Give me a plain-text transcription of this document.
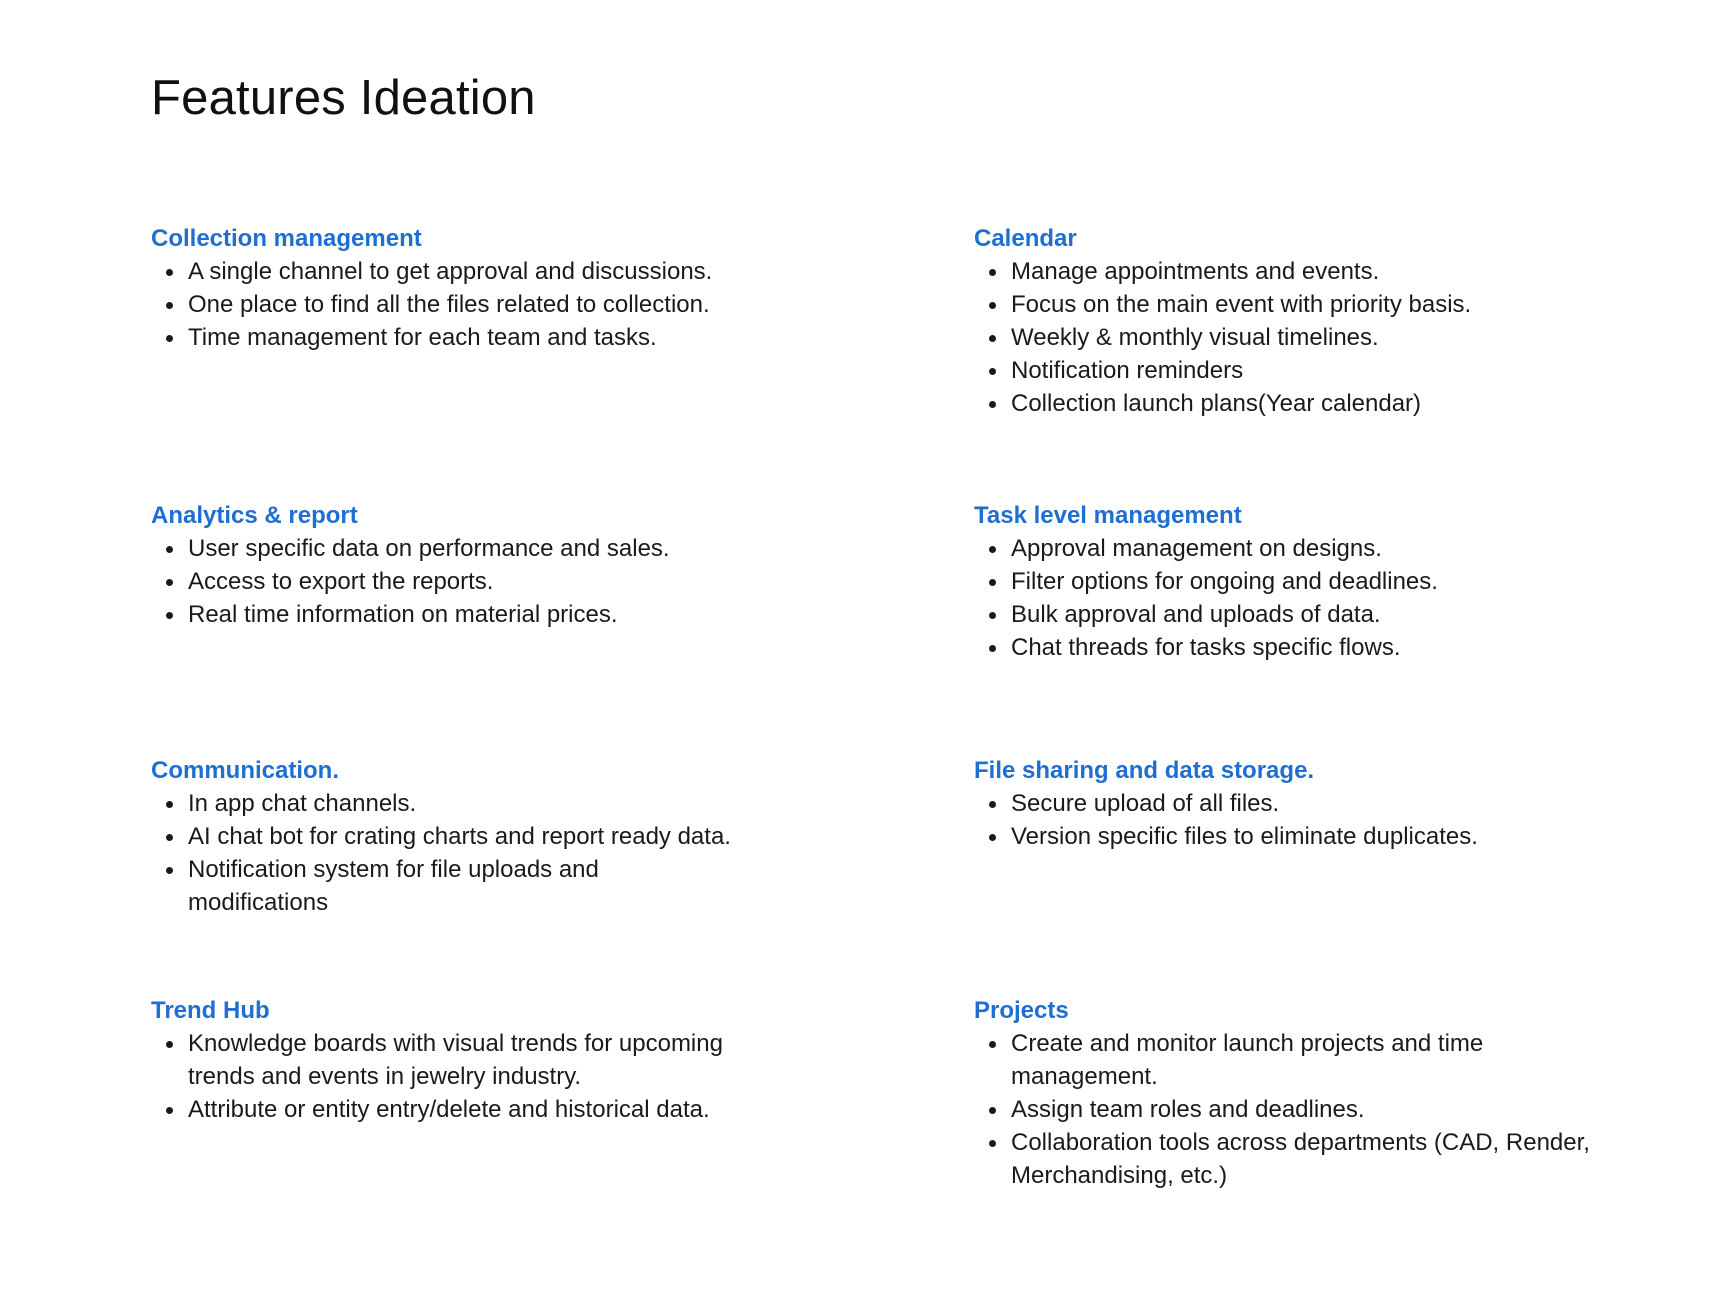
Features Ideation
Collection management
A single channel to get approval and discussions.
One place to find all the files related to collection.
Time management for each team and tasks.
Calendar
Manage appointments and events.
Focus on the main event with priority basis.
Weekly & monthly visual timelines.
Notification reminders
Collection launch plans(Year calendar)
Analytics & report
User specific data on performance and sales.
Access to export the reports.
Real time information on material prices.
Task level management
Approval management on designs.
Filter options for ongoing and deadlines.
Bulk approval and uploads of data.
Chat threads for tasks specific flows.
Communication.
In app chat channels.
AI chat bot for crating charts and report ready data.
Notification system for file uploads and modifications
File sharing and data storage.
Secure upload of all files.
Version specific files to eliminate duplicates.
Trend Hub
Knowledge boards with visual trends for upcoming trends and events in jewelry industry.
Attribute or entity entry/delete and historical data.
Projects
Create and monitor launch projects and time management.
Assign team roles and deadlines.
Collaboration tools across departments (CAD, Render, Merchandising, etc.)
